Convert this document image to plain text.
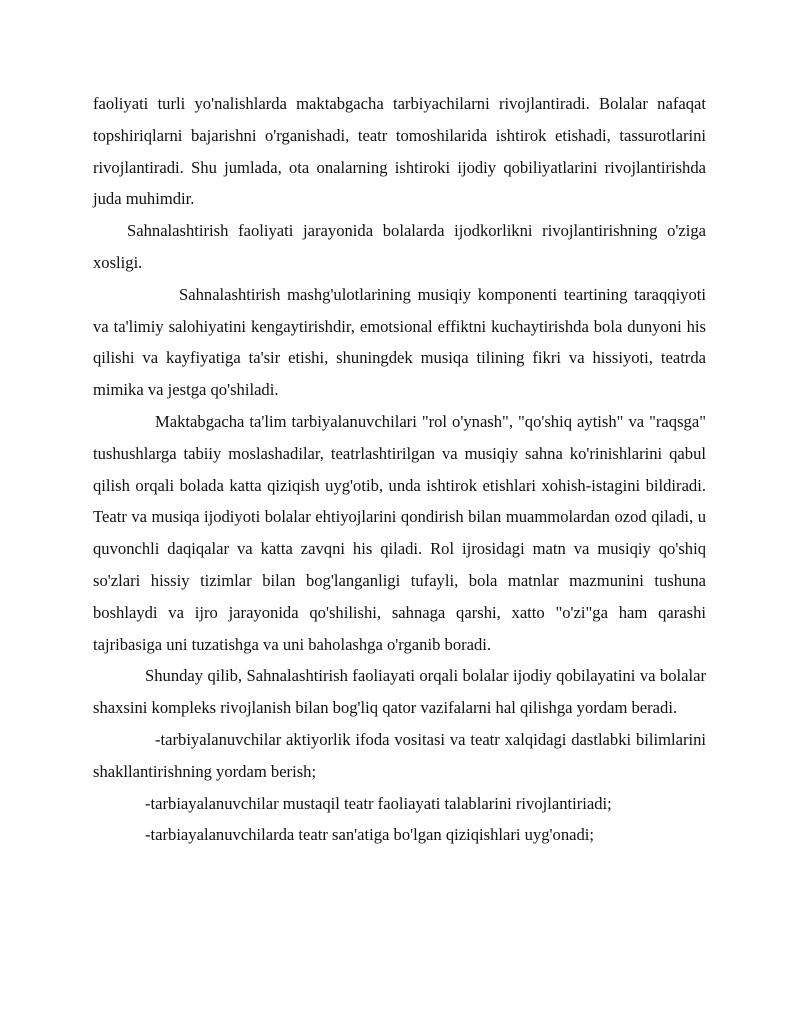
faoliyati turli yo'nalishlarda maktabgacha tarbiyachilarni rivojlantiradi. Bolalar nafaqat topshiriqlarni bajarishni o'rganishadi, teatr tomoshilarida ishtirok etishadi, tassurotlarini rivojlantiradi. Shu jumlada, ota onalarning ishtiroki ijodiy qobiliyatlarini rivojlantirishda juda muhimdir.

Sahnalashtirish faoliyati jarayonida bolalarda ijodkorlikni rivojlantirishning o'ziga xosligi.

Sahnalashtirish mashg'ulotlarining musiqiy komponenti teartining taraqqiyoti va ta'limiy salohiyatini kengaytirishdir, emotsional effiktni kuchaytirishda bola dunyoni his qilishi va kayfiyatiga ta'sir etishi, shuningdek musiqa tilining fikri va hissiyoti, teatrda mimika va jestga qo'shiladi.

Maktabgacha ta'lim tarbiyalanuvchilari "rol o'ynash", "qo'shiq aytish" va "raqsga" tushushlarga tabiiy moslashadilar, teatrlashtirilgan va musiqiy sahna ko'rinishlarini qabul qilish orqali bolada katta qiziqish uyg'otib, unda ishtirok etishlari xohish-istagini bildiradi. Teatr va musiqa ijodiyoti bolalar ehtiyojlarini qondirish bilan muammolardan ozod qiladi, u quvonchli daqiqalar va katta zavqni his qiladi. Rol ijrosidagi matn va musiqiy qo'shiq so'zlari hissiy tizimlar bilan bog'langanligi tufayli, bola matnlar mazmunini tushuna boshlaydi va ijro jarayonida qo'shilishi, sahnaga qarshi, xatto "o'zi"ga ham qarashi tajribasiga uni tuzatishga va uni baholashga o'rganib boradi.

Shunday qilib, Sahnalashtirish faoliayati orqali bolalar ijodiy qobilayatini va bolalar shaxsini kompleks rivojlanish bilan bog'liq qator vazifalarni hal qilishga yordam beradi.

-tarbiyalanuvchilar aktiyorlik ifoda vositasi va teatr xalqidagi dastlabki bilimlarini shakllantirishning yordam berish;

-tarbiayalanuvchilar mustaqil teatr faoliayati talablarini rivojlantiriadi;

-tarbiayalanuvchilarda teatr san'atiga bo'lgan qiziqishlari uyg'onadi;
